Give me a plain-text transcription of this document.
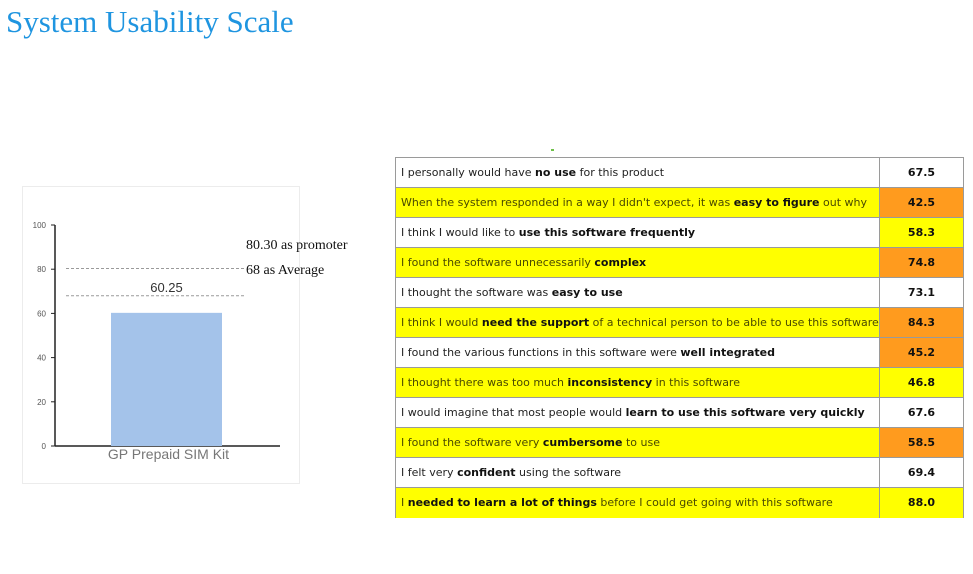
System Usability Scale
0
20
40
60
80
100
60.25
GP Prepaid SIM Kit
80.30 as promoter
68 as Average
I personally would have no use for this product	67.5
When the system responded in a way I didn't expect, it was easy to figure out why	42.5
I think I would like to use this software frequently	58.3
I found the software unnecessarily complex	74.8
I thought the software was easy to use	73.1
I think I would need the support of a technical person to be able to use this software	84.3
I found the various functions in this software were well integrated	45.2
I thought there was too much inconsistency in this software	46.8
I would imagine that most people would learn to use this software very quickly	67.6
I found the software very cumbersome to use	58.5
I felt very confident using the software	69.4
I needed to learn a lot of things before I could get going with this software	88.0
